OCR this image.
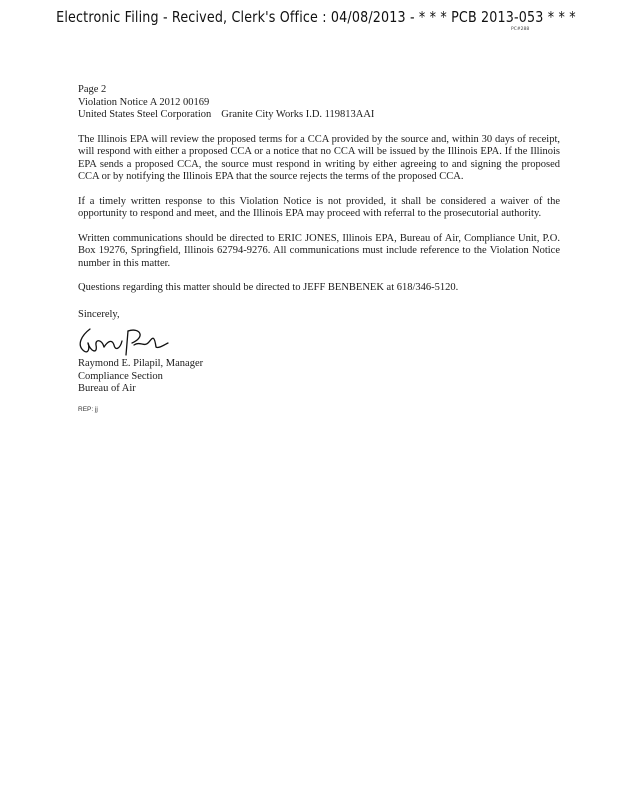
Electronic Filing - Recived, Clerk's Office : 04/08/2013 - * * * PCB 2013-053 * * *
PC#288
Page 2
Violation Notice A 2012 00169
United States Steel Corporation Granite City Works I.D. 119813AAI

The Illinois EPA will review the proposed terms for a CCA provided by the source and, within 30 days of receipt, will respond with either a proposed CCA or a notice that no CCA will be issued by the Illinois EPA. If the Illinois EPA sends a proposed CCA, the source must respond in writing by either agreeing to and signing the proposed CCA or by notifying the Illinois EPA that the source rejects the terms of the proposed CCA.

If a timely written response to this Violation Notice is not provided, it shall be considered a waiver of the opportunity to respond and meet, and the Illinois EPA may proceed with referral to the prosecutorial authority.

Written communications should be directed to ERIC JONES, Illinois EPA, Bureau of Air, Compliance Unit, P.O. Box 19276, Springfield, Illinois 62794-9276. All communications must include reference to the Violation Notice number in this matter.

Questions regarding this matter should be directed to JEFF BENBENEK at 618/346-5120.

Sincerely,
Raymond E. Pilapil, Manager
Compliance Section
Bureau of Air
REP: jj
